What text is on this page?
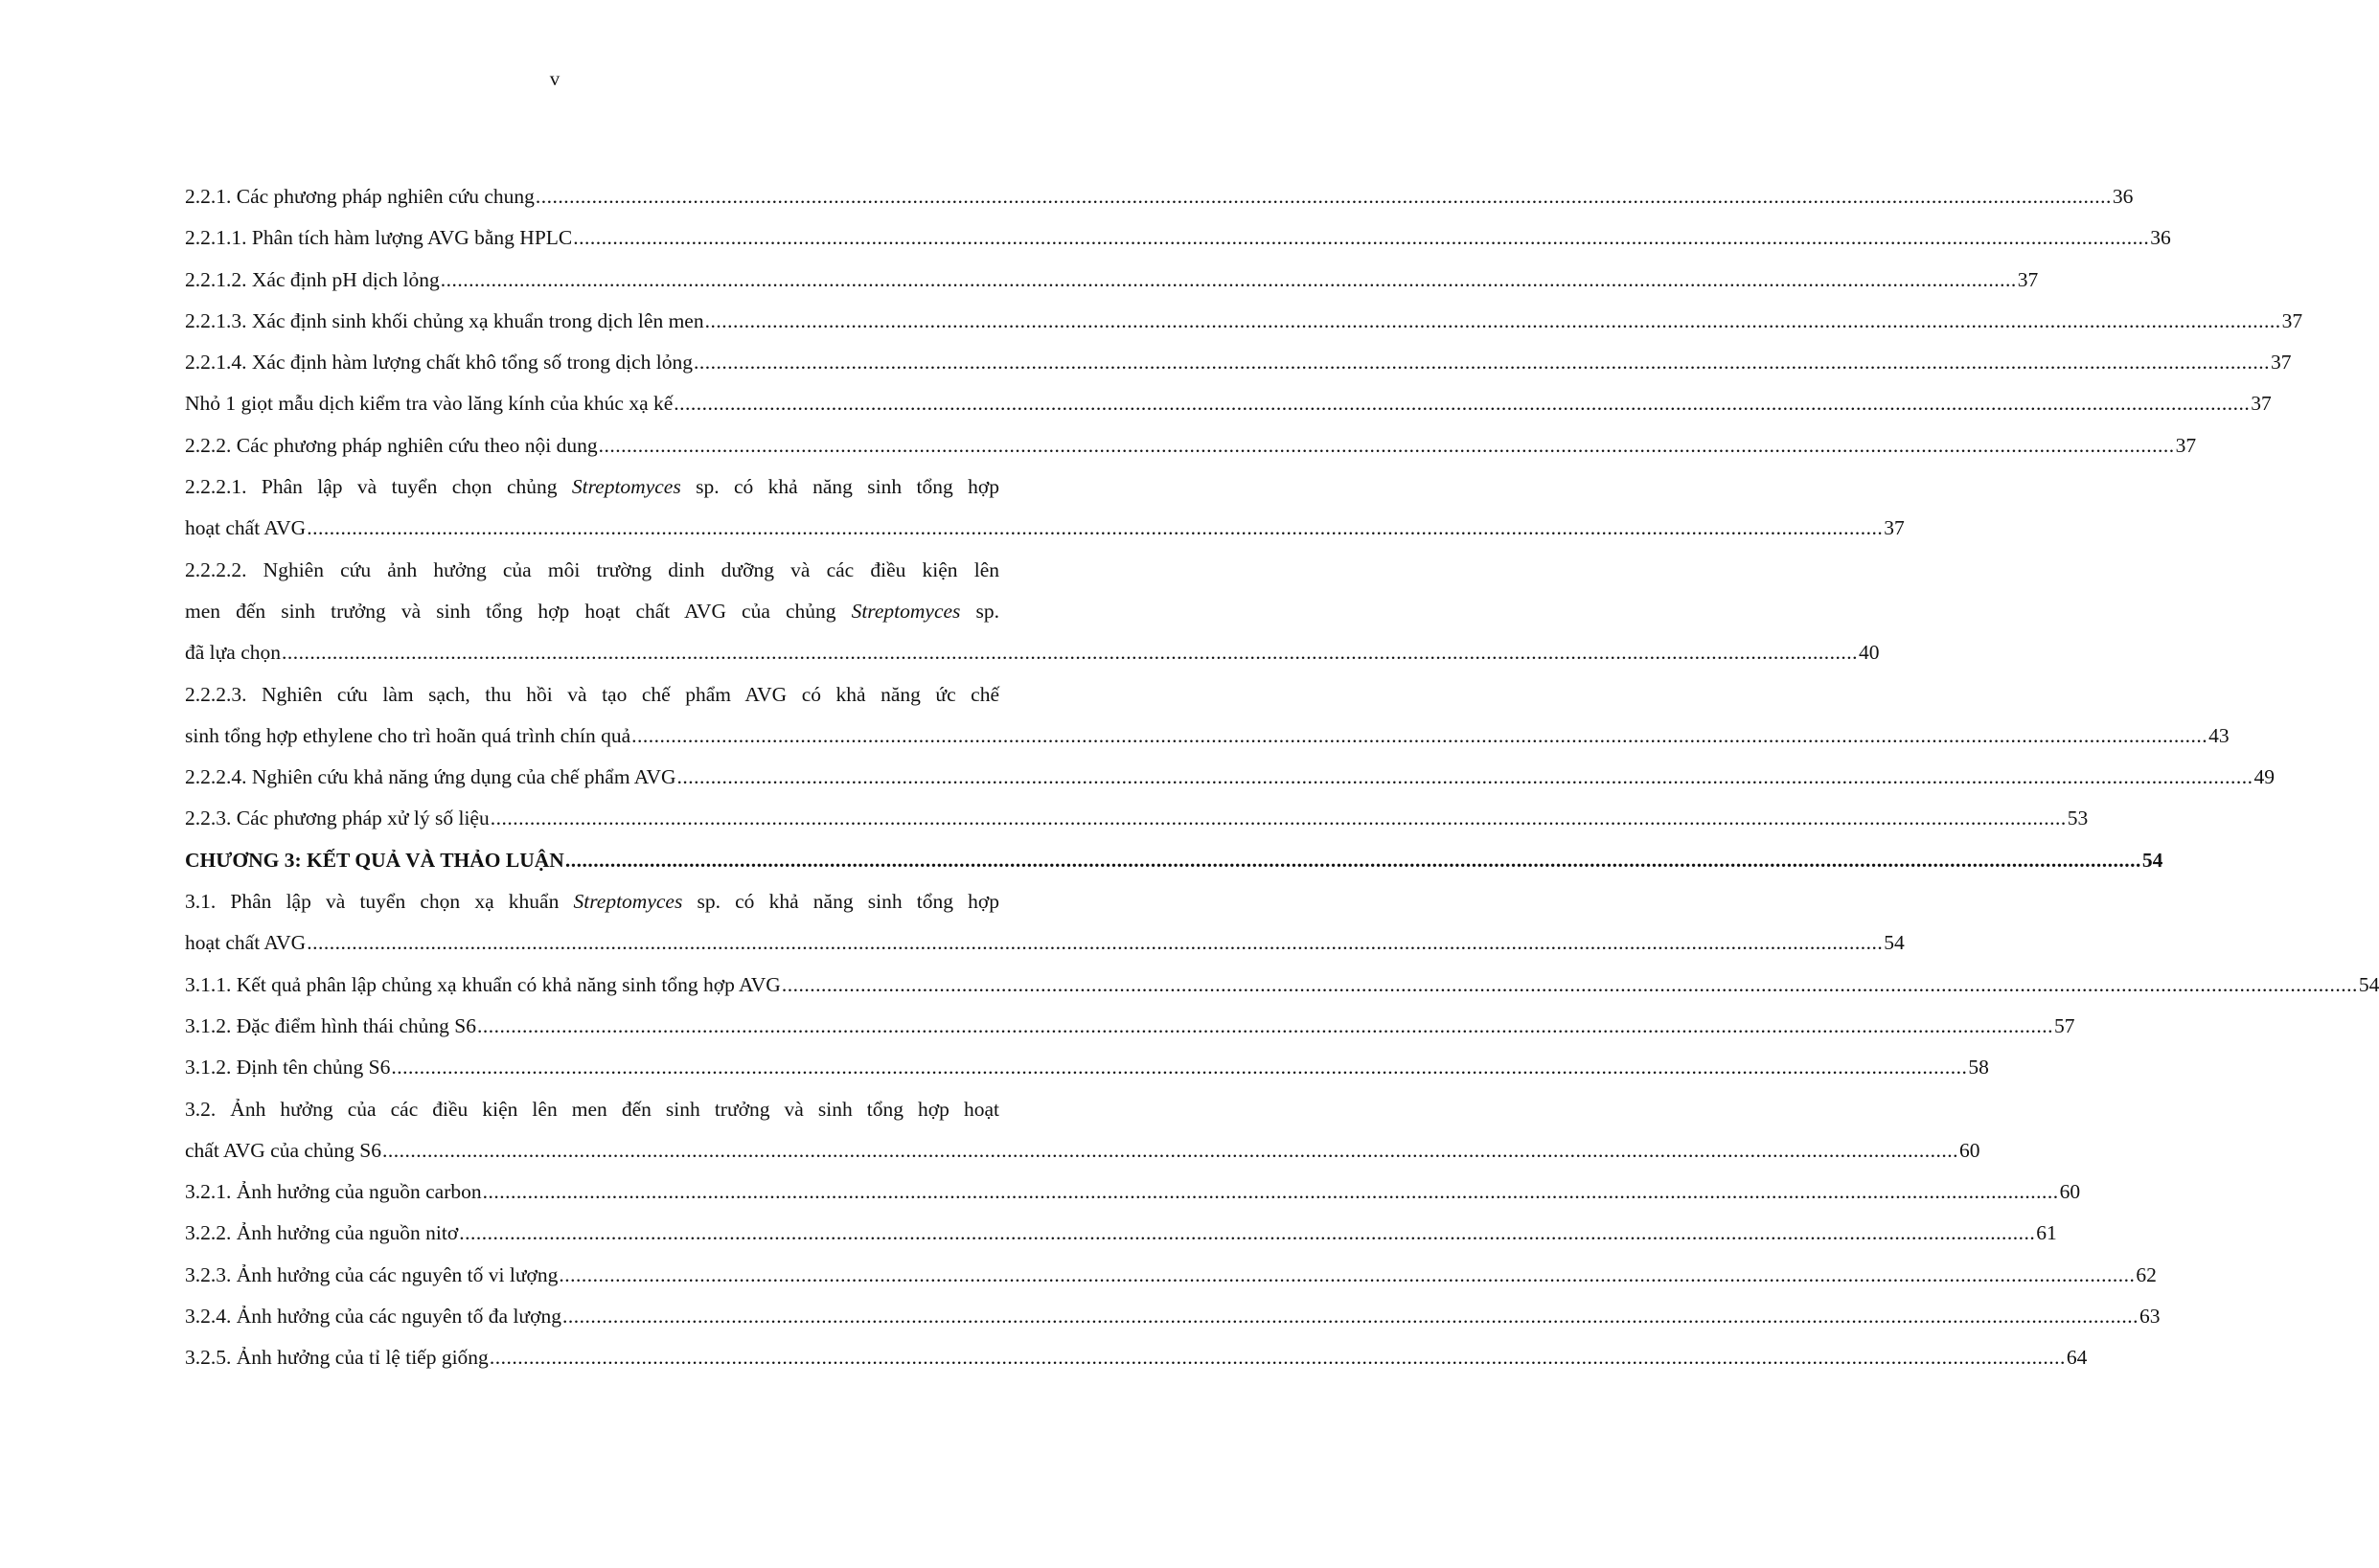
v
2.2.1. Các phương pháp nghiên cứu chung .....	36
2.2.1.1. Phân tích hàm lượng AVG bằng HPLC .....	36
2.2.1.2. Xác định pH dịch lỏng .....	37
2.2.1.3. Xác định sinh khối chủng xạ khuẩn trong dịch lên men .....	37
2.2.1.4. Xác định hàm lượng chất khô tổng số trong dịch lỏng .....	37
Nhỏ 1 giọt mẫu dịch kiểm tra vào lăng kính của khúc xạ kế .....	37
2.2.2. Các phương pháp nghiên cứu theo nội dung .....	37
2.2.2.1. Phân lập và tuyển chọn chủng Streptomyces sp. có khả năng sinh tổng hợp
hoạt chất AVG .....	37
2.2.2.2. Nghiên cứu ảnh hưởng của môi trường dinh dưỡng và các điều kiện lên
men đến sinh trưởng và sinh tổng hợp hoạt chất AVG của chủng Streptomyces sp.
đã lựa chọn .....	40
2.2.2.3. Nghiên cứu làm sạch, thu hồi và tạo chế phẩm AVG có khả năng ức chế
sinh tổng hợp ethylene cho trì hoãn quá trình chín quả .....	43
2.2.2.4. Nghiên cứu khả năng ứng dụng của chế phẩm AVG .....	49
2.2.3. Các phương pháp xử lý số liệu .....	53
CHƯƠNG 3: KẾT QUẢ VÀ THẢO LUẬN .....	54
3.1. Phân lập và tuyển chọn xạ khuẩn Streptomyces sp. có khả năng sinh tổng hợp
hoạt chất AVG .....	54
3.1.1. Kết quả phân lập chủng xạ khuẩn có khả năng sinh tổng hợp AVG .....	54
3.1.2. Đặc điểm hình thái chủng S6 .....	57
3.1.2. Định tên chủng S6 .....	58
3.2. Ảnh hưởng của các điều kiện lên men đến sinh trưởng và sinh tổng hợp hoạt
chất AVG của chủng S6 .....	60
3.2.1. Ảnh hưởng của nguồn carbon .....	60
3.2.2. Ảnh hưởng của nguồn nitơ .....	61
3.2.3. Ảnh hưởng của các nguyên tố vi lượng .....	62
3.2.4. Ảnh hưởng của các nguyên tố đa lượng .....	63
3.2.5. Ảnh hưởng của tỉ lệ tiếp giống .....	64
